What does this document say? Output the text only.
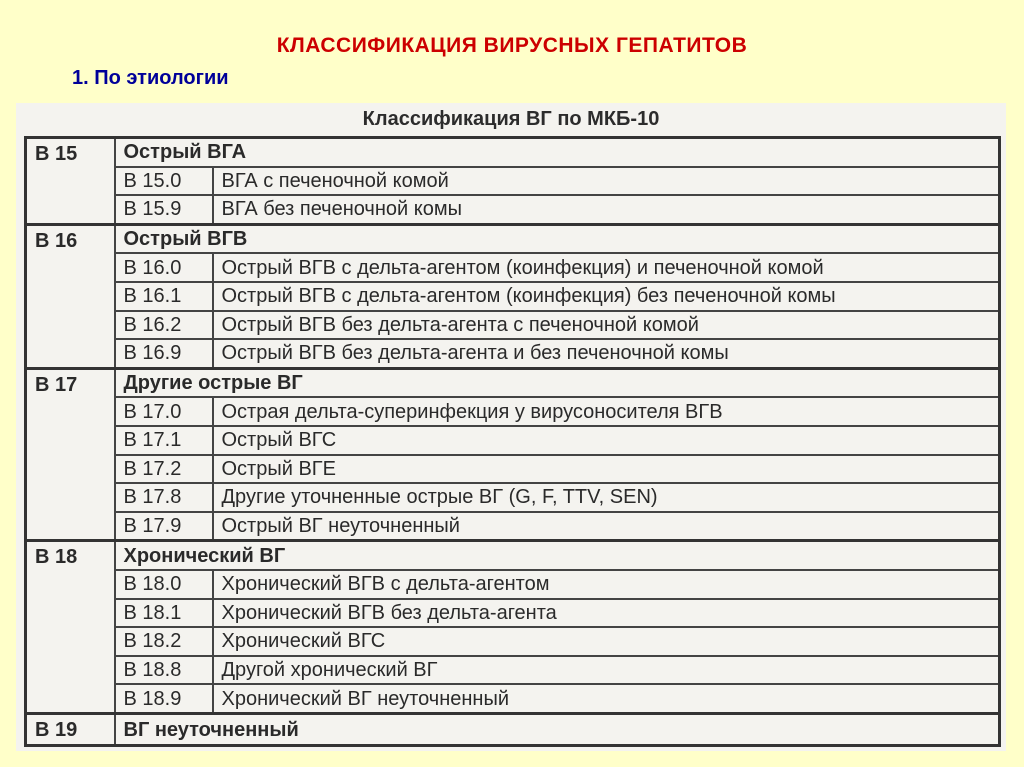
КЛАССИФИКАЦИЯ ВИРУСНЫХ ГЕПАТИТОВ
1. По этиологии
Классификация ВГ по МКБ-10
В 15	Острый ВГА	
	В 15.0	ВГА с печеночной комой
	В 15.9	ВГА без печеночной комы
В 16	Острый ВГВ	
	В 16.0	Острый ВГВ с дельта-агентом (коинфекция) и печеночной комой
	В 16.1	Острый ВГВ с дельта-агентом (коинфекция) без печеночной комы
	В 16.2	Острый ВГВ без дельта-агента с печеночной комой
	В 16.9	Острый ВГВ без дельта-агента и без печеночной комы
В 17	Другие острые ВГ	
	В 17.0	Острая дельта-суперинфекция у вирусоносителя ВГВ
	В 17.1	Острый ВГС
	В 17.2	Острый ВГЕ
	В 17.8	Другие уточненные острые ВГ (G, F, TTV, SEN)
	В 17.9	Острый ВГ неуточненный
В 18	Хронический ВГ	
	В 18.0	Хронический ВГВ с дельта-агентом
	В 18.1	Хронический ВГВ без дельта-агента
	В 18.2	Хронический ВГС
	В 18.8	Другой хронический ВГ
	В 18.9	Хронический ВГ неуточненный
В 19	ВГ неуточненный	
